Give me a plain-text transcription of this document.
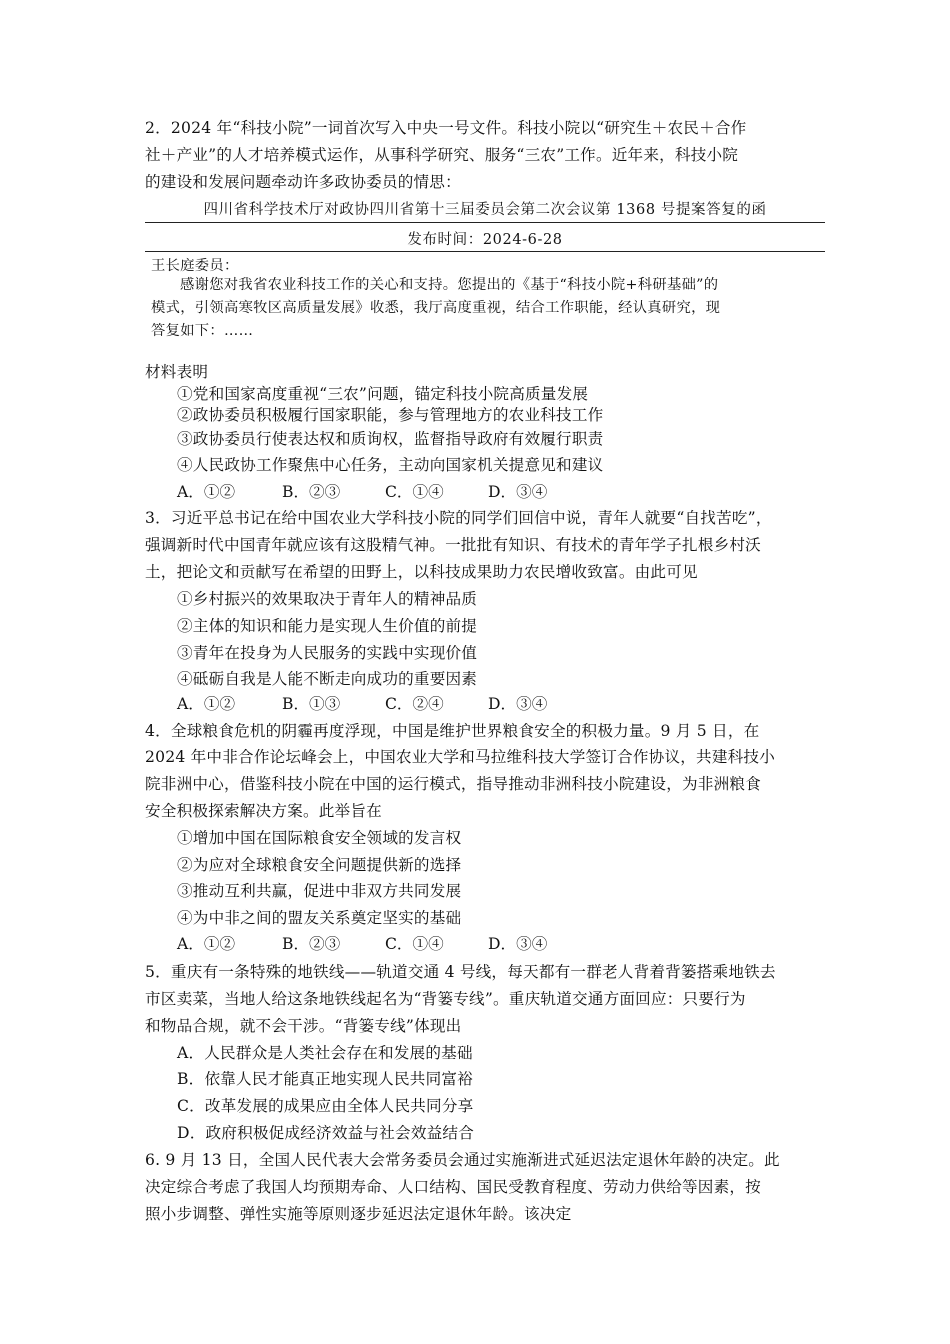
2．2024 年“科技小院”一词首次写入中央一号文件。科技小院以“研究生＋农民＋合作
社＋产业”的人才培养模式运作，从事科学研究、服务“三农”工作。近年来，科技小院
的建设和发展问题牵动许多政协委员的情思：
四川省科学技术厅对政协四川省第十三届委员会第二次会议第 1368 号提案答复的函
发布时间：2024-6-28
王长庭委员：
感谢您对我省农业科技工作的关心和支持。您提出的《基于“科技小院+科研基础”的
模式，引领高寒牧区高质量发展》收悉，我厅高度重视，结合工作职能，经认真研究，现
答复如下：……
材料表明
①党和国家高度重视“三农”问题，锚定科技小院高质量发展
②政协委员积极履行国家职能，参与管理地方的农业科技工作
③政协委员行使表达权和质询权，监督指导政府有效履行职责
④人民政协工作聚焦中心任务，主动向国家机关提意见和建议
A．①②	B．②③	C．①④	D．③④
3．习近平总书记在给中国农业大学科技小院的同学们回信中说，青年人就要“自找苦吃”，
强调新时代中国青年就应该有这股精气神。一批批有知识、有技术的青年学子扎根乡村沃
土，把论文和贡献写在希望的田野上，以科技成果助力农民增收致富。由此可见
①乡村振兴的效果取决于青年人的精神品质
②主体的知识和能力是实现人生价值的前提
③青年在投身为人民服务的实践中实现价值
④砥砺自我是人能不断走向成功的重要因素
A．①②	B．①③	C．②④	D．③④
4．全球粮食危机的阴霾再度浮现，中国是维护世界粮食安全的积极力量。9 月 5 日，在
2024 年中非合作论坛峰会上，中国农业大学和马拉维科技大学签订合作协议，共建科技小
院非洲中心，借鉴科技小院在中国的运行模式，指导推动非洲科技小院建设，为非洲粮食
安全积极探索解决方案。此举旨在
①增加中国在国际粮食安全领域的发言权
②为应对全球粮食安全问题提供新的选择
③推动互利共赢，促进中非双方共同发展
④为中非之间的盟友关系奠定坚实的基础
A．①②	B．②③	C．①④	D．③④
5．重庆有一条特殊的地铁线——轨道交通 4 号线，每天都有一群老人背着背篓搭乘地铁去
市区卖菜，当地人给这条地铁线起名为“背篓专线”。重庆轨道交通方面回应：只要行为
和物品合规，就不会干涉。“背篓专线”体现出
A．人民群众是人类社会存在和发展的基础
B．依靠人民才能真正地实现人民共同富裕
C．改革发展的成果应由全体人民共同分享
D．政府积极促成经济效益与社会效益结合
6. 9 月 13 日，全国人民代表大会常务委员会通过实施渐进式延迟法定退休年龄的决定。此
决定综合考虑了我国人均预期寿命、人口结构、国民受教育程度、劳动力供给等因素，按
照小步调整、弹性实施等原则逐步延迟法定退休年龄。该决定
